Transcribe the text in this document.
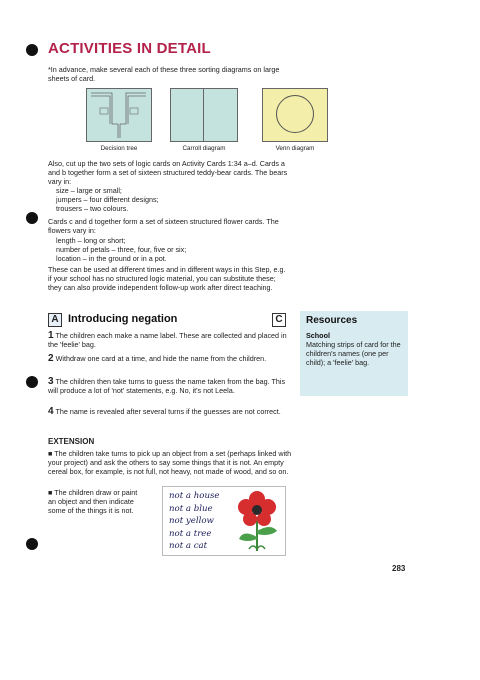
ACTIVITIES IN DETAIL
*In advance, make several each of these three sorting diagrams on large sheets of card.
Decision tree	Carroll diagram	Venn diagram
Also, cut up the two sets of logic cards on Activity Cards 1:34 a–d. Cards a and b together form a set of sixteen structured teddy-bear cards. The bears vary in:
size – large or small;
jumpers – four different designs;
trousers – two colours.
Cards c and d together form a set of sixteen structured flower cards. The flowers vary in:
length – long or short;
number of petals – three, four, five or six;
location – in the ground or in a pot.
These can be used at different times and in different ways in this Step, e.g. if your school has no structured logic material, you can substitute these; they can also provide independent follow-up work after direct teaching.
A Introducing negation	C
1 The children each make a name label. These are collected and placed in the 'feelie' bag.
2 Withdraw one card at a time, and hide the name from the children.
3 The children then take turns to guess the name taken from the bag. This will produce a lot of 'not' statements, e.g. No, it's not Leela.
4 The name is revealed after several turns if the guesses are not correct.
EXTENSION
■ The children take turns to pick up an object from a set (perhaps linked with your project) and ask the others to say some things that it is not. An empty cereal box, for example, is not full, not heavy, not made of wood, and so on.
■ The children draw or paint an object and then indicate some of the things it is not.
not a house
not a blue
not yellow
not a tree
not a cat
Resources
School
Matching strips of card for the children's names (one per child); a 'feelie' bag.
283
